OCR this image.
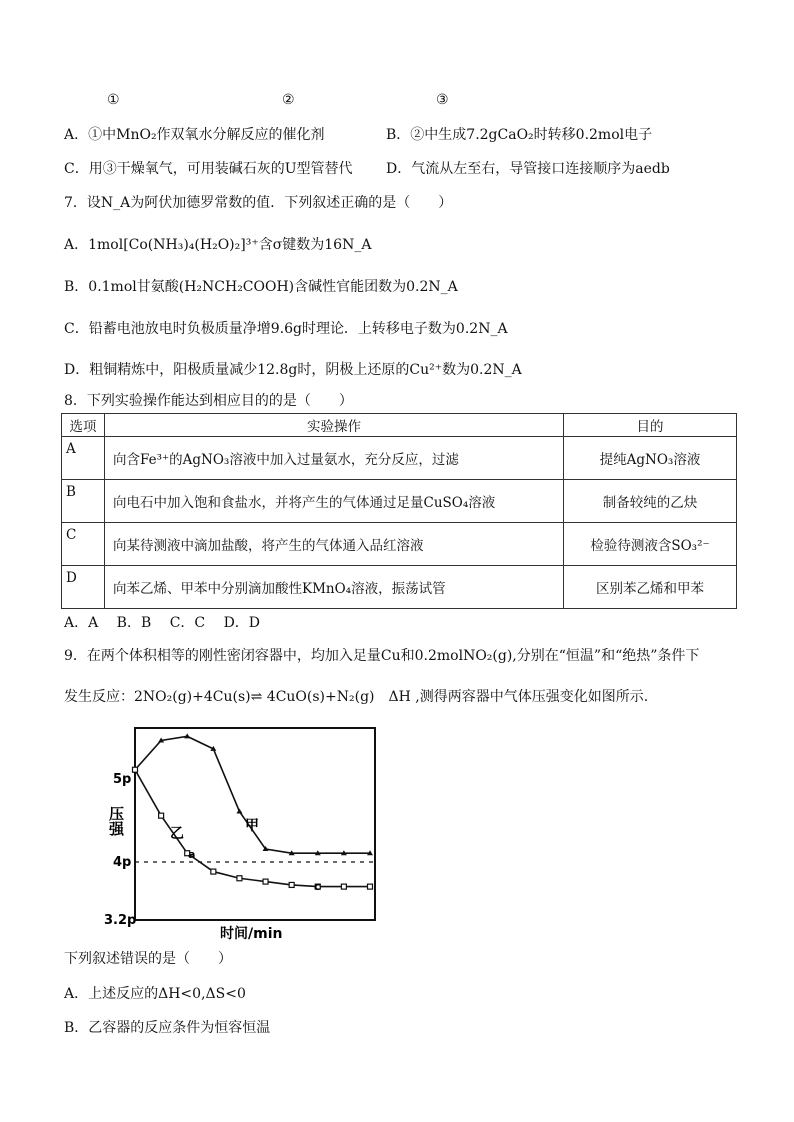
①	②	③
A．①中MnO₂作双氧水分解反应的催化剂	B．②中生成7.2gCaO₂时转移0.2mol电子
C．用③干燥氧气，可用装碱石灰的U型管替代 D．气流从左至右，导管接口连接顺序为aedb
7．设N_A为阿伏加德罗常数的值．下列叙述正确的是（　　）
A．1mol[Co(NH₃)₄(H₂O)₂]³⁺含σ键数为16N_A
B．0.1mol甘氨酸(H₂NCH₂COOH)含碱性官能团数为0.2N_A
C．铅蓄电池放电时负极质量净增9.6g时理论．上转移电子数为0.2N_A
D．粗铜精炼中，阳极质量减少12.8g时，阴极上还原的Cu²⁺数为0.2N_A
8．下列实验操作能达到相应目的的是（　　）
选项	实验操作	目的
A	向含Fe³⁺的AgNO₃溶液中加入过量氨水，充分反应，过滤	提纯AgNO₃溶液
B	向电石中加入饱和食盐水，并将产生的气体通过足量CuSO₄溶液	制备较纯的乙炔
C	向某待测液中滴加盐酸，将产生的气体通入品红溶液	检验待测液含SO₃²⁻
D	向苯乙烯、甲苯中分别滴加酸性KMnO₄溶液，振荡试管	区别苯乙烯和甲苯
A．A　 B．B　 C．C　 D．D
9．在两个体积相等的刚性密闭容器中，均加入足量Cu和0.2molNO₂(g),分别在“恒温”和“绝热”条件下
发生反应：2NO₂(g)+4Cu(s)⇌ 4CuO(s)+N₂(g)　ΔH ,测得两容器中气体压强变化如图所示.
压强
5p
4p
3.2p
时间/min
甲
乙
a
c
下列叙述错误的是（　　）
A．上述反应的ΔH<0,ΔS<0
B．乙容器的反应条件为恒容恒温
